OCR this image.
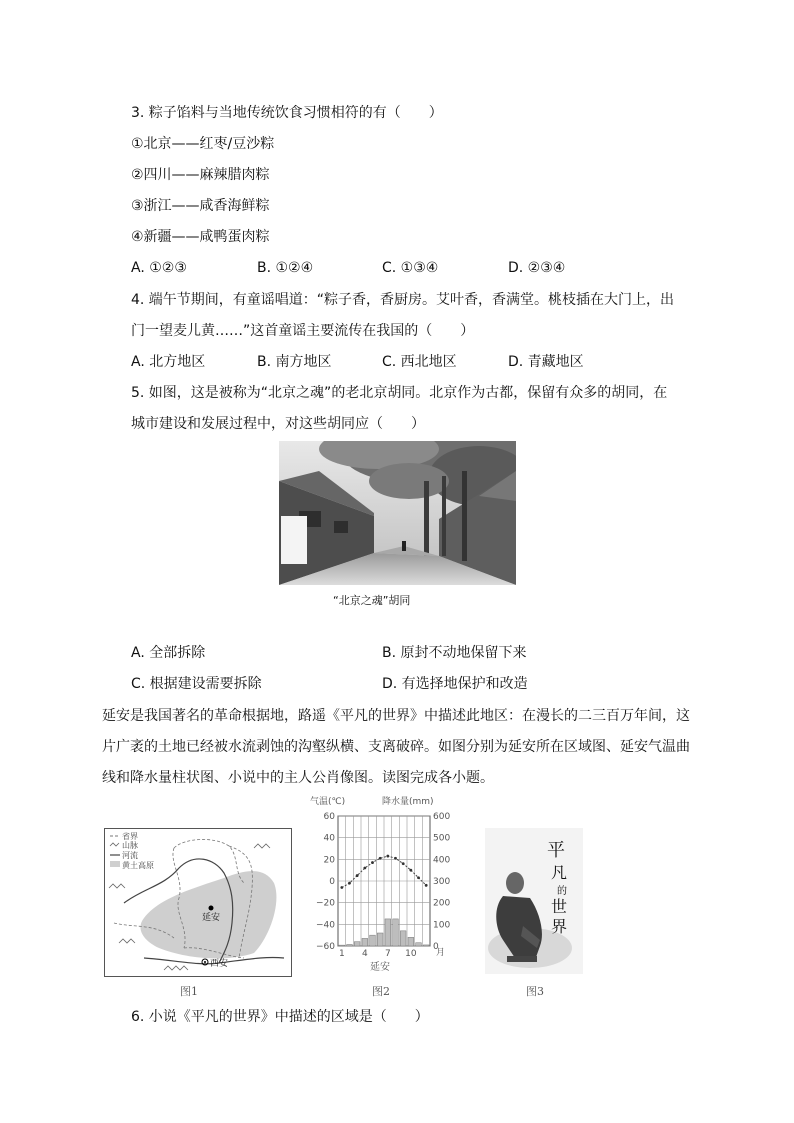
3. 粽子馅料与当地传统饮食习惯相符的有（　　）
①北京——红枣/豆沙粽
②四川——麻辣腊肉粽
③浙江——咸香海鲜粽
④新疆——咸鸭蛋肉粽
A. ①②③	B. ①②④	C. ①③④	D. ②③④
4. 端午节期间，有童谣唱道：“粽子香，香厨房。艾叶香，香满堂。桃枝插在大门上，出
门一望麦儿黄……”这首童谣主要流传在我国的（　　）
A. 北方地区	B. 南方地区	C. 西北地区	D. 青藏地区
5. 如图，这是被称为“北京之魂”的老北京胡同。北京作为古都，保留有众多的胡同，在
城市建设和发展过程中，对这些胡同应（　　）
“北京之魂”胡同
A. 全部拆除	B. 原封不动地保留下来
C. 根据建设需要拆除	D. 有选择地保护和改造
延安是我国著名的革命根据地，路遥《平凡的世界》中描述此地区：在漫长的二三百万年间，这
片广袤的土地已经被水流剥蚀的沟壑纵横、支离破碎。如图分别为延安所在区域图、延安气温曲
线和降水量柱状图、小说中的主人公肖像图。读图完成各小题。
省界
山脉
河流
黄土高原
延安
西安
图1
气温(℃)	降水量(mm)
60
40
20
0
−20
−40
−60
600
500
400
300
200
100
0
1 4 7 10 月
延安
图2
平
凡
的
世
界
图3
6. 小说《平凡的世界》中描述的区域是（　　）
